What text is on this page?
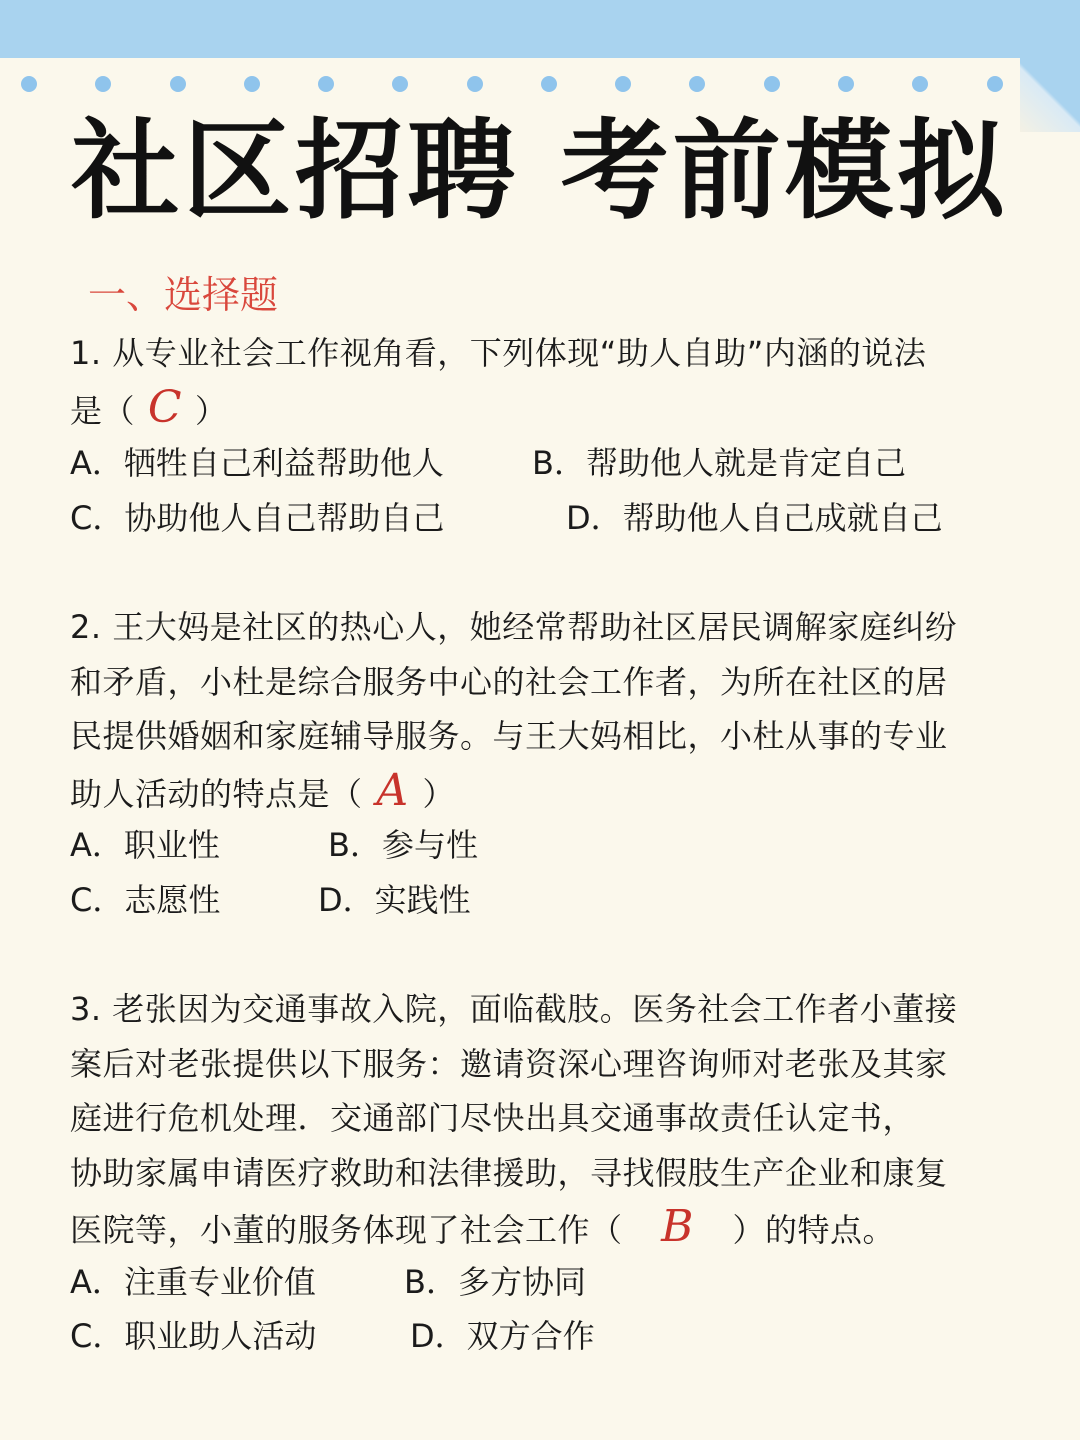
社区招聘 考前模拟
一、选择题
1. 从专业社会工作视角看，下列体现“助人自助”内涵的说法
是（ C ）
A．牺牲自己利益帮助他人	B．帮助他人就是肯定自己
C．协助他人自己帮助自己	D．帮助他人自己成就自己
2. 王大妈是社区的热心人，她经常帮助社区居民调解家庭纠纷
和矛盾，小杜是综合服务中心的社会工作者，为所在社区的居
民提供婚姻和家庭辅导服务。与王大妈相比，小杜从事的专业
助人活动的特点是（ A ）
A．职业性	B．参与性
C．志愿性	D．实践性
3. 老张因为交通事故入院，面临截肢。医务社会工作者小董接
案后对老张提供以下服务：邀请资深心理咨询师对老张及其家
庭进行危机处理．交通部门尽快出具交通事故责任认定书，
协助家属申请医疗救助和法律援助，寻找假肢生产企业和康复
医院等，小董的服务体现了社会工作（ B ）的特点。
A．注重专业价值	B．多方协同
C．职业助人活动	D．双方合作
